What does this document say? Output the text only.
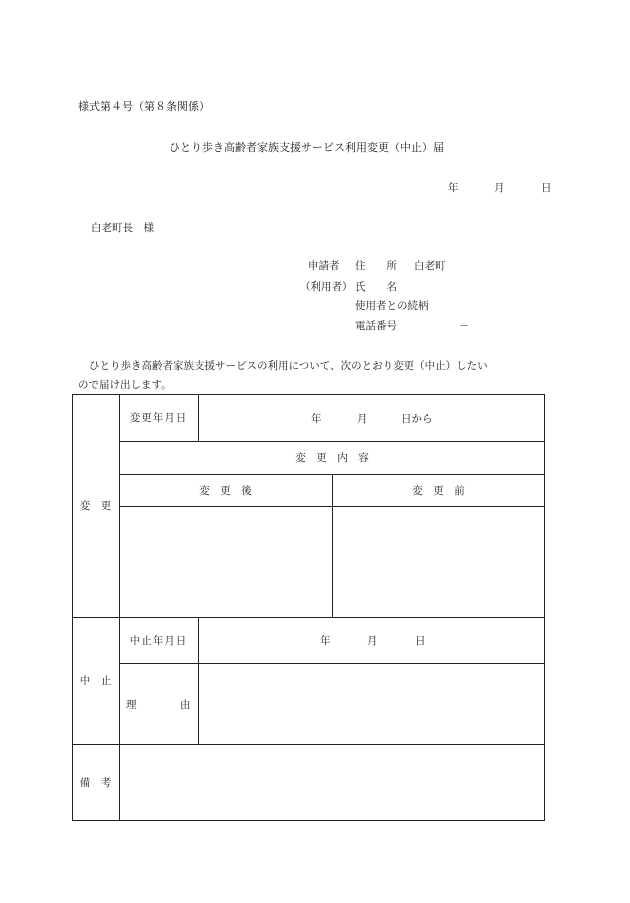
様式第４号（第８条関係）
ひとり歩き高齢者家族支援サービス利用変更（中止）届
年	月	日
白老町長　様
申請者 住　　所 白老町
（利用者） 氏　　名
使用者との続柄
電話番号	－
ひとり歩き高齢者家族支援サービスの利用について、次のとおり変更（中止）したい
ので届け出します。
変　更
変更年月日	年	月	日から
変　更　内　容
変　更　後	変　更　前
中　止
中止年月日	年	月	日
理	由
備　考
